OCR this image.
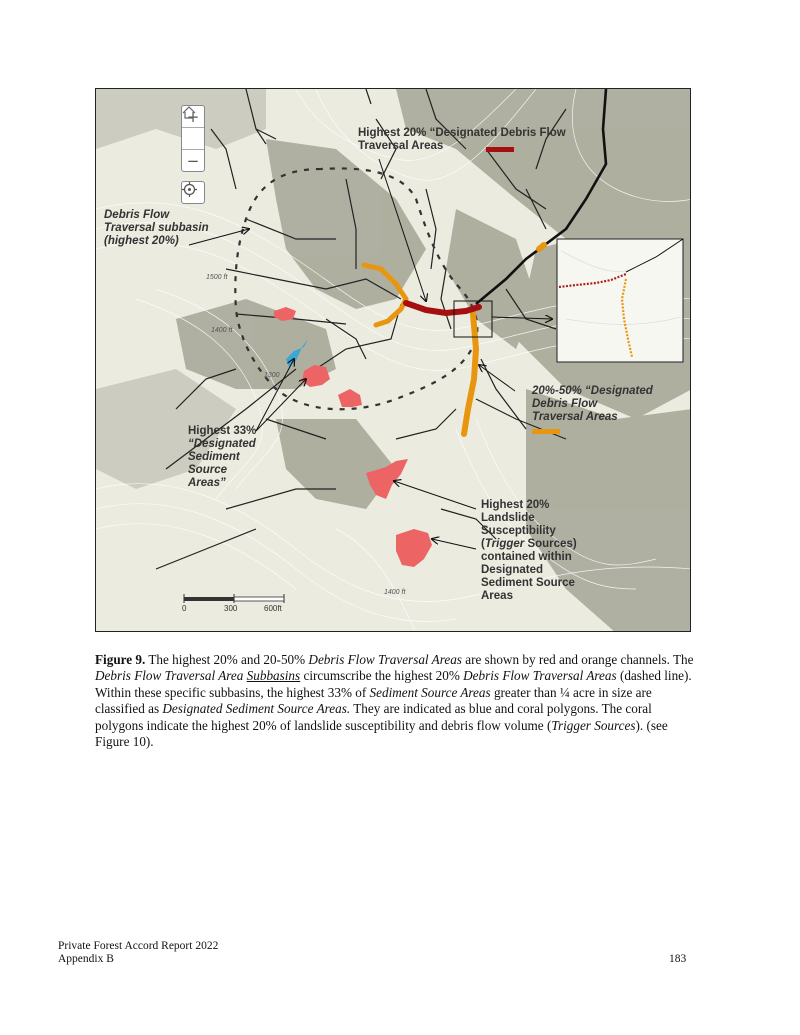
+
−
1500 ft
1400 ft
1300
1400 ft
0	300	600ft
Highest 20% “Designated Debris Flow
Traversal Areas
Debris Flow
Traversal subbasin
(highest 20%)
20%-50% “Designated
Debris Flow
Traversal Areas
Highest 33%
“Designated
Sediment
Source
Areas”
Highest 20%
Landslide
Susceptibility
(Trigger Sources)
contained within
Designated
Sediment Source
Areas
Figure 9. The highest 20% and 20-50% Debris Flow Traversal Areas are shown by red and orange channels. The Debris Flow Traversal Area Subbasins circumscribe the highest 20% Debris Flow Traversal Areas (dashed line). Within these specific subbasins, the highest 33% of Sediment Source Areas greater than ¼ acre in size are classified as Designated Sediment Source Areas. They are indicated as blue and coral polygons. The coral polygons indicate the highest 20% of landslide susceptibility and debris flow volume (Trigger Sources). (see Figure 10).
Private Forest Accord Report 2022
Appendix B	183
